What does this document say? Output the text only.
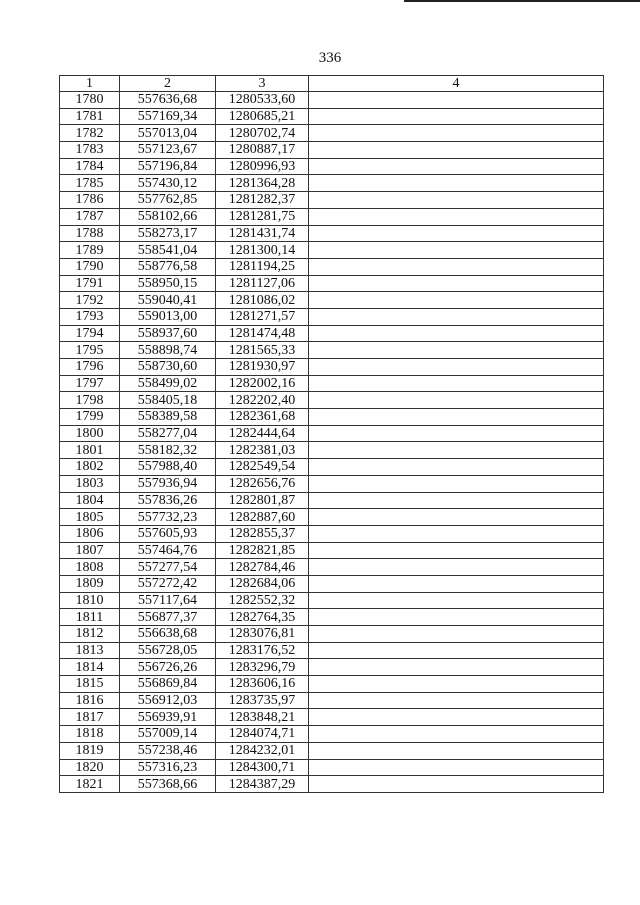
336
1	2	3	4
1780	557636,68	1280533,60	
1781	557169,34	1280685,21	
1782	557013,04	1280702,74	
1783	557123,67	1280887,17	
1784	557196,84	1280996,93	
1785	557430,12	1281364,28	
1786	557762,85	1281282,37	
1787	558102,66	1281281,75	
1788	558273,17	1281431,74	
1789	558541,04	1281300,14	
1790	558776,58	1281194,25	
1791	558950,15	1281127,06	
1792	559040,41	1281086,02	
1793	559013,00	1281271,57	
1794	558937,60	1281474,48	
1795	558898,74	1281565,33	
1796	558730,60	1281930,97	
1797	558499,02	1282002,16	
1798	558405,18	1282202,40	
1799	558389,58	1282361,68	
1800	558277,04	1282444,64	
1801	558182,32	1282381,03	
1802	557988,40	1282549,54	
1803	557936,94	1282656,76	
1804	557836,26	1282801,87	
1805	557732,23	1282887,60	
1806	557605,93	1282855,37	
1807	557464,76	1282821,85	
1808	557277,54	1282784,46	
1809	557272,42	1282684,06	
1810	557117,64	1282552,32	
1811	556877,37	1282764,35	
1812	556638,68	1283076,81	
1813	556728,05	1283176,52	
1814	556726,26	1283296,79	
1815	556869,84	1283606,16	
1816	556912,03	1283735,97	
1817	556939,91	1283848,21	
1818	557009,14	1284074,71	
1819	557238,46	1284232,01	
1820	557316,23	1284300,71	
1821	557368,66	1284387,29	
